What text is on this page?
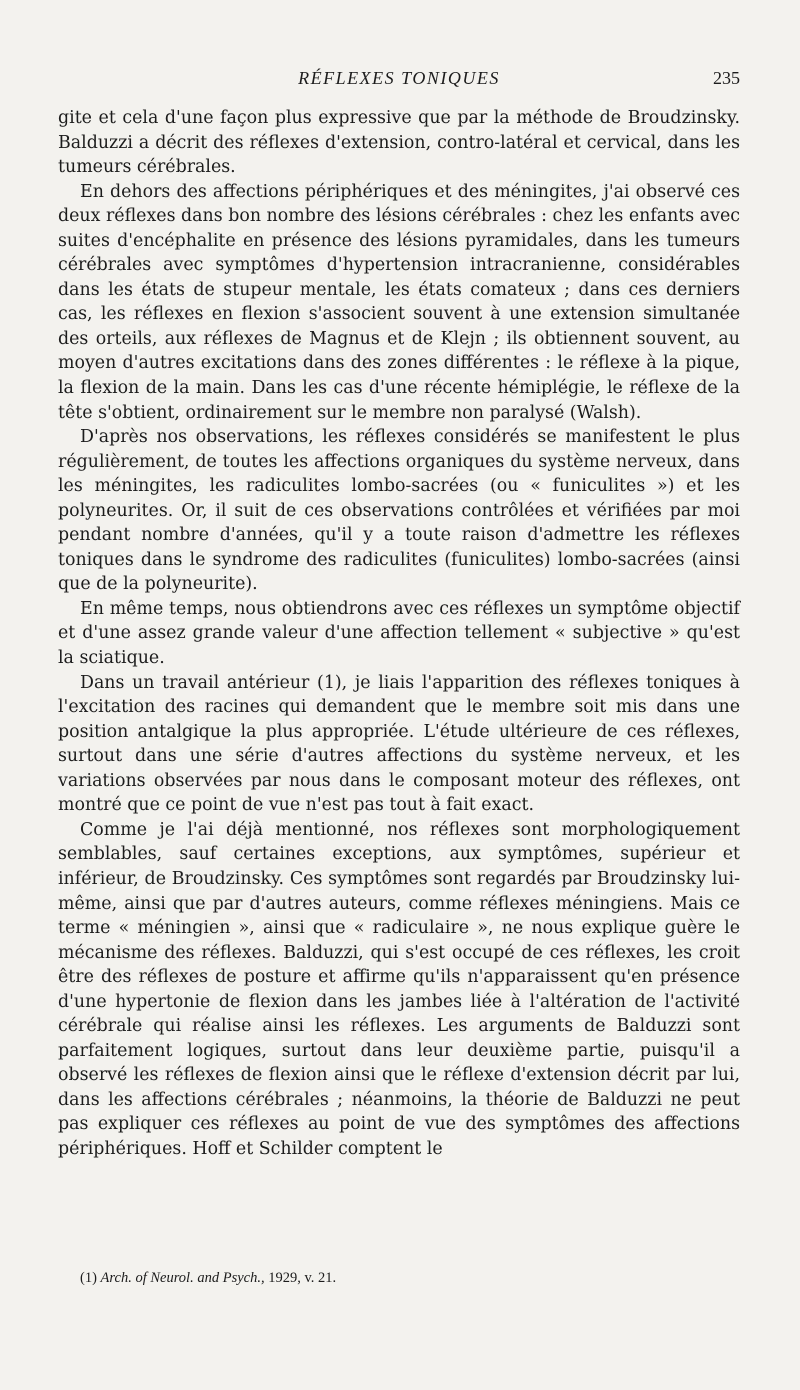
RÉFLEXES TONIQUES	235

gite et cela d'une façon plus expressive que par la méthode de Broudzinsky. Balduzzi a décrit des réflexes d'extension, contro-latéral et cervical, dans les tumeurs cérébrales.

En dehors des affections périphériques et des méningites, j'ai observé ces deux réflexes dans bon nombre des lésions cérébrales : chez les enfants avec suites d'encéphalite en présence des lésions pyramidales, dans les tumeurs cérébrales avec symptômes d'hypertension intracranienne, considérables dans les états de stupeur mentale, les états comateux ; dans ces derniers cas, les réflexes en flexion s'associent souvent à une extension simultanée des orteils, aux réflexes de Magnus et de Klejn ; ils obtiennent souvent, au moyen d'autres excitations dans des zones différentes : le réflexe à la pique, la flexion de la main. Dans les cas d'une récente hémiplégie, le réflexe de la tête s'obtient, ordinairement sur le membre non paralysé (Walsh).

D'après nos observations, les réflexes considérés se manifestent le plus régulièrement, de toutes les affections organiques du système nerveux, dans les méningites, les radiculites lombo-sacrées (ou « funiculites ») et les polyneurites. Or, il suit de ces observations contrôlées et vérifiées par moi pendant nombre d'années, qu'il y a toute raison d'admettre les réflexes toniques dans le syndrome des radiculites (funiculites) lombo-sacrées (ainsi que de la polyneurite).

En même temps, nous obtiendrons avec ces réflexes un symptôme objectif et d'une assez grande valeur d'une affection tellement « subjective » qu'est la sciatique.

Dans un travail antérieur (1), je liais l'apparition des réflexes toniques à l'excitation des racines qui demandent que le membre soit mis dans une position antalgique la plus appropriée. L'étude ultérieure de ces réflexes, surtout dans une série d'autres affections du système nerveux, et les variations observées par nous dans le composant moteur des réflexes, ont montré que ce point de vue n'est pas tout à fait exact.

Comme je l'ai déjà mentionné, nos réflexes sont morphologiquement semblables, sauf certaines exceptions, aux symptômes, supérieur et inférieur, de Broudzinsky. Ces symptômes sont regardés par Broudzinsky lui-même, ainsi que par d'autres auteurs, comme réflexes méningiens. Mais ce terme « méningien », ainsi que « radiculaire », ne nous explique guère le mécanisme des réflexes. Balduzzi, qui s'est occupé de ces réflexes, les croit être des réflexes de posture et affirme qu'ils n'apparaissent qu'en présence d'une hypertonie de flexion dans les jambes liée à l'altération de l'activité cérébrale qui réalise ainsi les réflexes. Les arguments de Balduzzi sont parfaitement logiques, surtout dans leur deuxième partie, puisqu'il a observé les réflexes de flexion ainsi que le réflexe d'extension décrit par lui, dans les affections cérébrales ; néanmoins, la théorie de Balduzzi ne peut pas expliquer ces réflexes au point de vue des symptômes des affections périphériques. Hoff et Schilder comptent le

(1) Arch. of Neurol. and Psych., 1929, v. 21.
